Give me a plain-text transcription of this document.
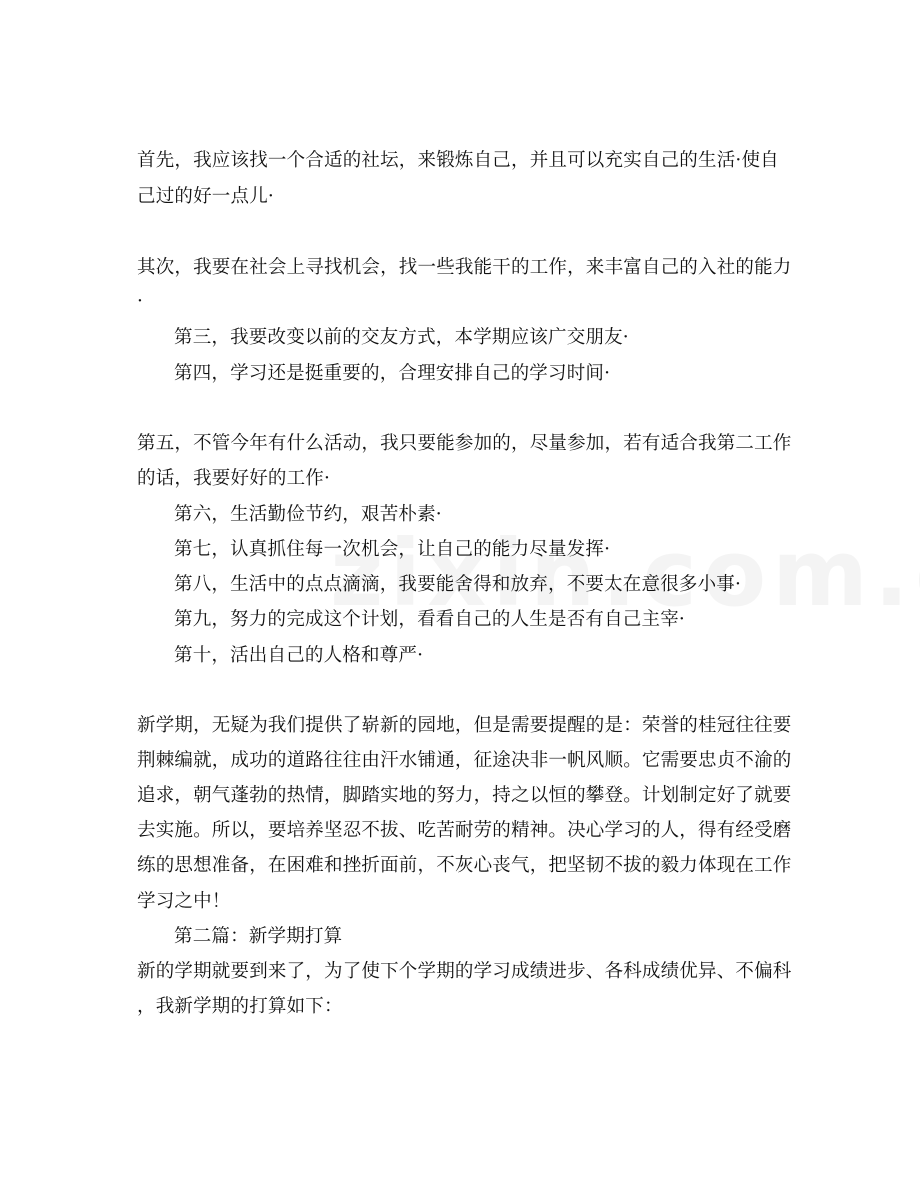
首先，我应该找一个合适的社坛，来锻炼自己，并且可以充实自己的生活·使自
己过的好一点儿·
其次，我要在社会上寻找机会，找一些我能干的工作，来丰富自己的入社的能力
·
第三，我要改变以前的交友方式，本学期应该广交朋友·
第四，学习还是挺重要的，合理安排自己的学习时间·
第五，不管今年有什么活动，我只要能参加的，尽量参加，若有适合我第二工作
的话，我要好好的工作·
第六，生活勤俭节约，艰苦朴素·
第七，认真抓住每一次机会，让自己的能力尽量发挥·
第八，生活中的点点滴滴，我要能舍得和放弃，不要太在意很多小事·
第九，努力的完成这个计划，看看自己的人生是否有自己主宰·
第十，活出自己的人格和尊严·
新学期，无疑为我们提供了崭新的园地，但是需要提醒的是：荣誉的桂冠往往要
荆棘编就，成功的道路往往由汗水铺通，征途决非一帆风顺。它需要忠贞不渝的
追求，朝气蓬勃的热情，脚踏实地的努力，持之以恒的攀登。计划制定好了就要
去实施。所以，要培养坚忍不拔、吃苦耐劳的精神。决心学习的人，得有经受磨
练的思想准备，在困难和挫折面前，不灰心丧气，把坚韧不拔的毅力体现在工作
学习之中！
第二篇：新学期打算
新的学期就要到来了，为了使下个学期的学习成绩进步、各科成绩优异、不偏科
，我新学期的打算如下：
